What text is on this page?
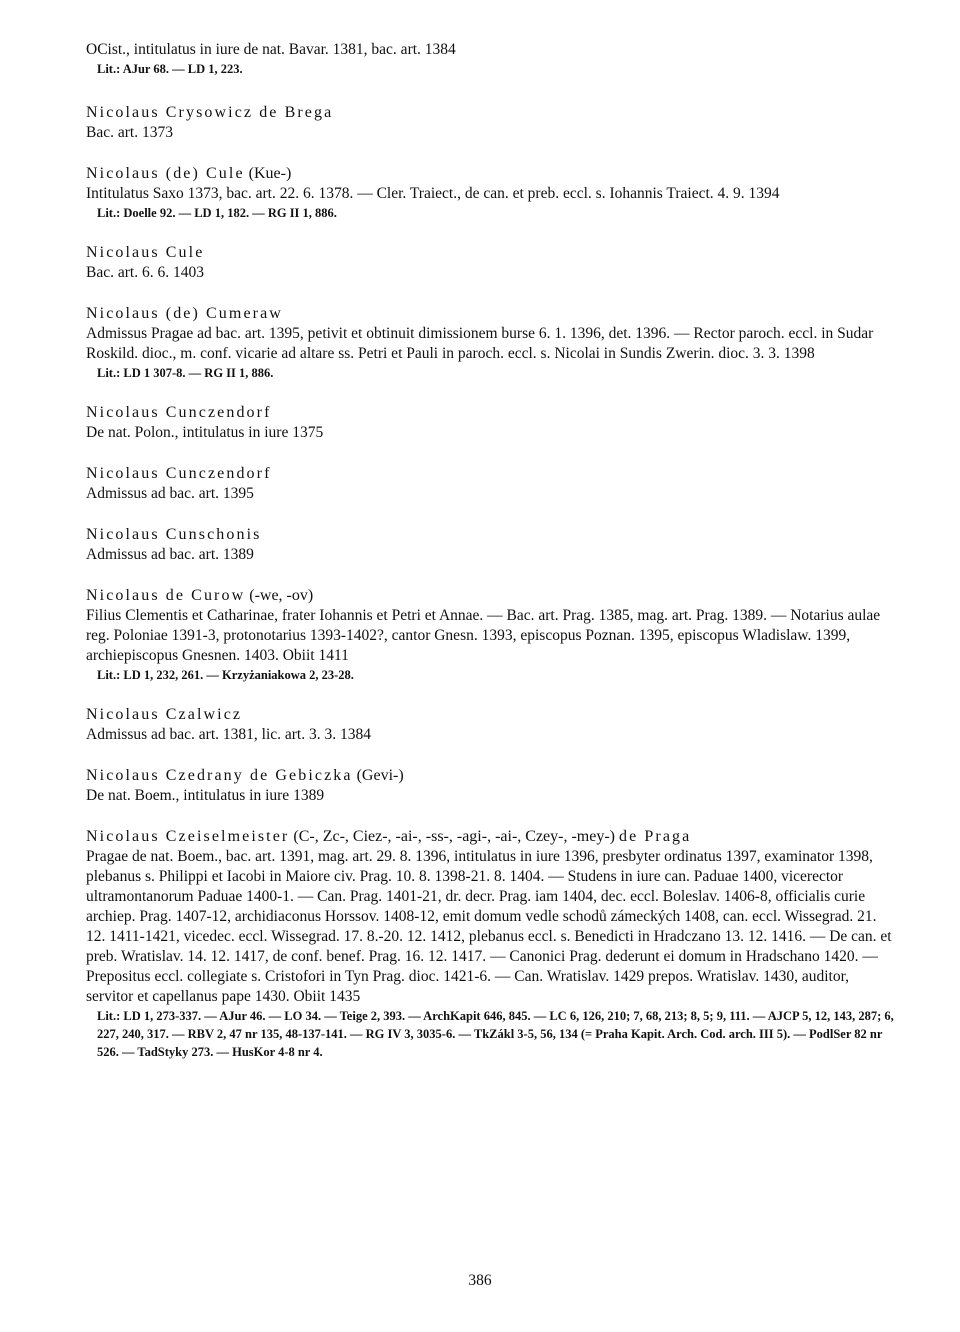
OCist., intitulatus in iure de nat. Bavar. 1381, bac. art. 1384
Lit.: AJur 68. — LD 1, 223.
Nicolaus Crysowicz de Brega
Bac. art. 1373
Nicolaus (de) Cule (Kue-)
Intitulatus Saxo 1373, bac. art. 22. 6. 1378. — Cler. Traiect., de can. et preb. eccl. s. Iohannis Traiect. 4. 9. 1394
Lit.: Doelle 92. — LD 1, 182. — RG II 1, 886.
Nicolaus Cule
Bac. art. 6. 6. 1403
Nicolaus (de) Cumeraw
Admissus Pragae ad bac. art. 1395, petivit et obtinuit dimissionem burse 6. 1. 1396, det. 1396. — Rector paroch. eccl. in Sudar Roskild. dioc., m. conf. vicarie ad altare ss. Petri et Pauli in paroch. eccl. s. Nicolai in Sundis Zwerin. dioc. 3. 3. 1398
Lit.: LD 1 307-8. — RG II 1, 886.
Nicolaus Cunczendorf
De nat. Polon., intitulatus in iure 1375
Nicolaus Cunczendorf
Admissus ad bac. art. 1395
Nicolaus Cunschonis
Admissus ad bac. art. 1389
Nicolaus de Curow (-we, -ov)
Filius Clementis et Catharinae, frater Iohannis et Petri et Annae. — Bac. art. Prag. 1385, mag. art. Prag. 1389. — Notarius aulae reg. Poloniae 1391-3, protonotarius 1393-1402?, cantor Gnesn. 1393, episcopus Poznan. 1395, episcopus Wladislaw. 1399, archiepiscopus Gnesnen. 1403. Obiit 1411
Lit.: LD 1, 232, 261. — Krzyżaniakowa 2, 23-28.
Nicolaus Czalwicz
Admissus ad bac. art. 1381, lic. art. 3. 3. 1384
Nicolaus Czedrany de Gebiczka (Gevi-)
De nat. Boem., intitulatus in iure 1389
Nicolaus Czeiselmeister (C-, Zc-, Ciez-, -ai-, -ss-, -agi-, -ai-, Czey-, -mey-) de Praga
Pragae de nat. Boem., bac. art. 1391, mag. art. 29. 8. 1396, intitulatus in iure 1396, presbyter ordinatus 1397, examinator 1398, plebanus s. Philippi et Iacobi in Maiore civ. Prag. 10. 8. 1398-21. 8. 1404. — Studens in iure can. Paduae 1400, vicerector ultramontanorum Paduae 1400-1. — Can. Prag. 1401-21, dr. decr. Prag. iam 1404, dec. eccl. Boleslav. 1406-8, officialis curie archiep. Prag. 1407-12, archidiaconus Horssov. 1408-12, emit domum vedle schodů zámeckých 1408, can. eccl. Wissegrad. 21. 12. 1411-1421, vicedec. eccl. Wissegrad. 17. 8.-20. 12. 1412, plebanus eccl. s. Benedicti in Hradczano 13. 12. 1416. — De can. et preb. Wratislav. 14. 12. 1417, de conf. benef. Prag. 16. 12. 1417. — Canonici Prag. dederunt ei domum in Hradschano 1420. — Prepositus eccl. collegiate s. Cristofori in Tyn Prag. dioc. 1421-6. — Can. Wratislav. 1429 prepos. Wratislav. 1430, auditor, servitor et capellanus pape 1430. Obiit 1435
Lit.: LD 1, 273-337. — AJur 46. — LO 34. — Teige 2, 393. — ArchKapit 646, 845. — LC 6, 126, 210; 7, 68, 213; 8, 5; 9, 111. — AJCP 5, 12, 143, 287; 6, 227, 240, 317. — RBV 2, 47 nr 135, 48-137-141. — RG IV 3, 3035-6. — TkZákl 3-5, 56, 134 (= Praha Kapit. Arch. Cod. arch. III 5). — PodlSer 82 nr 526. — TadStyky 273. — HusKor 4-8 nr 4.
386
